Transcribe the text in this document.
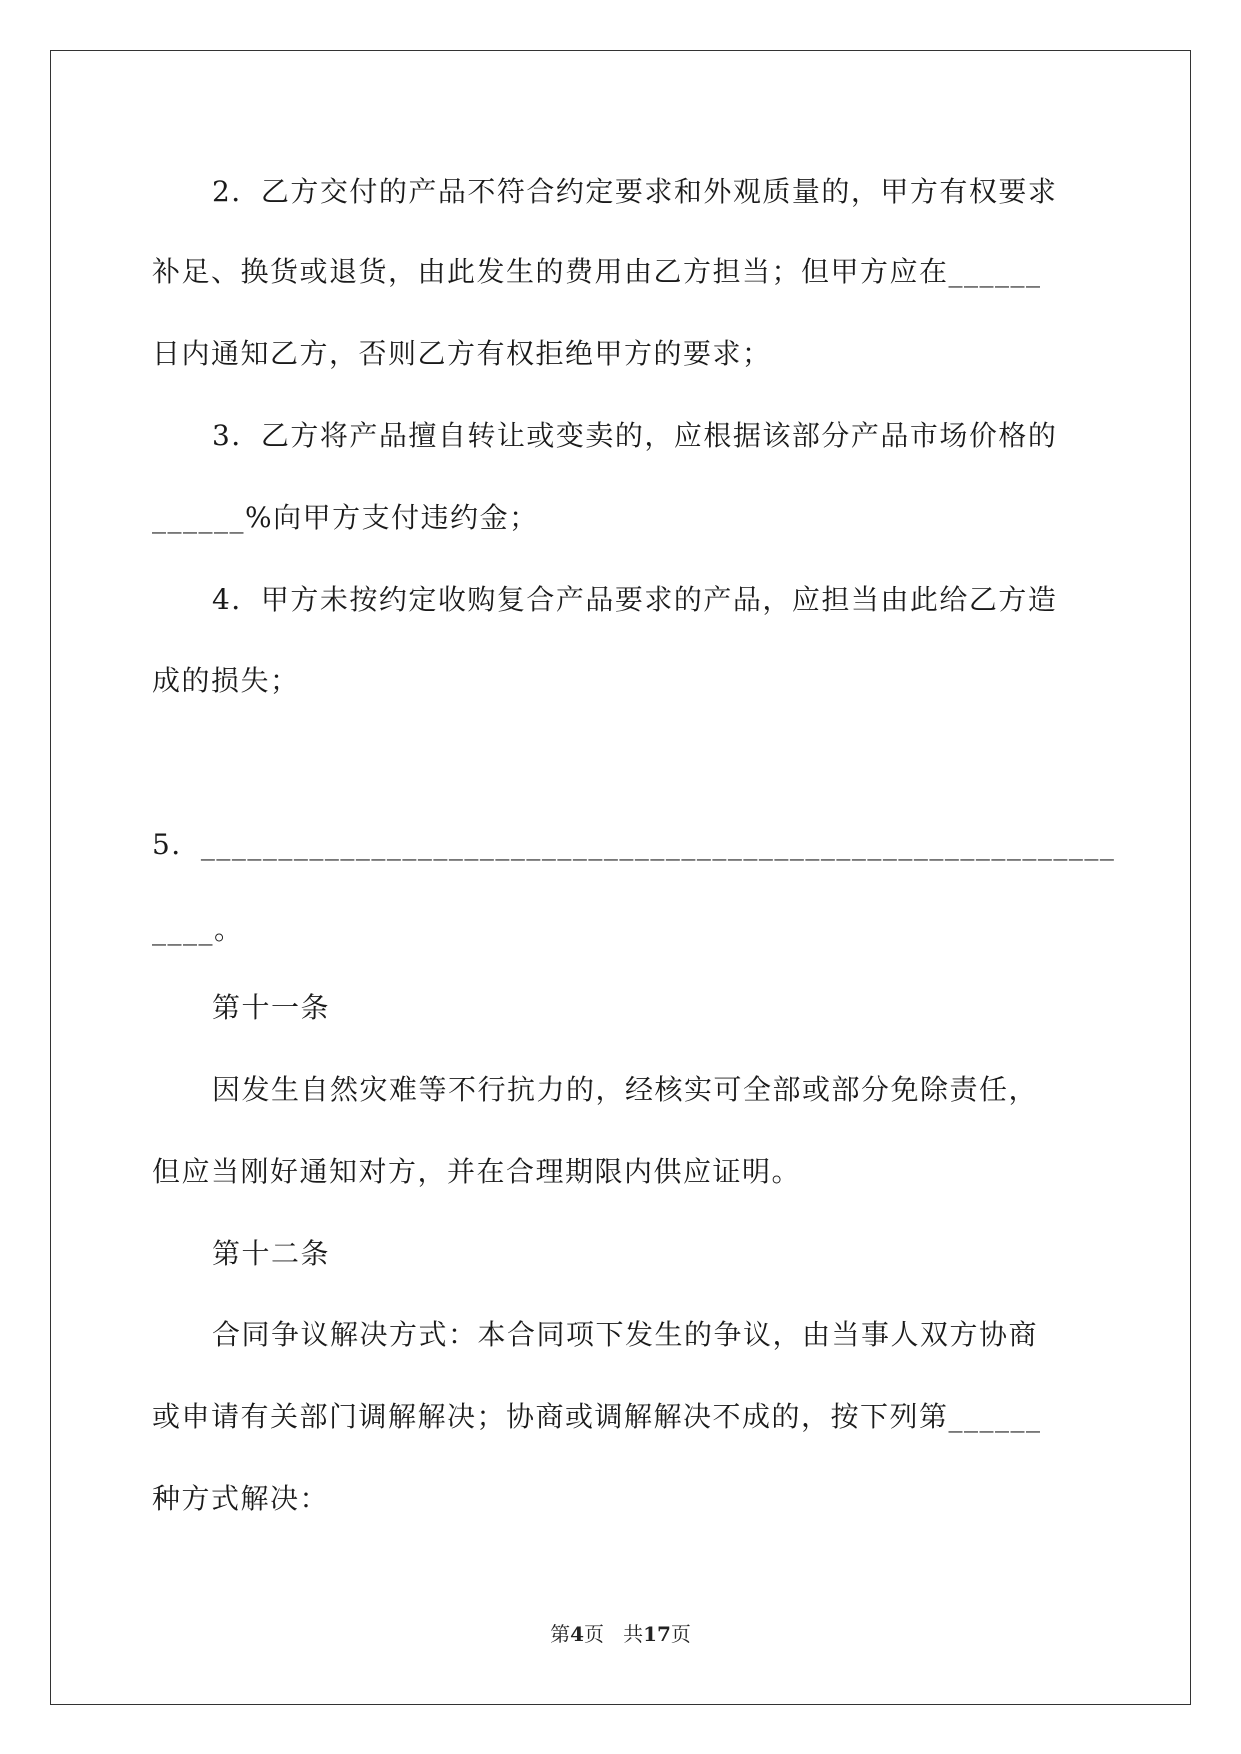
2．乙方交付的产品不符合约定要求和外观质量的，甲方有权要求
补足、换货或退货，由此发生的费用由乙方担当；但甲方应在______
日内通知乙方，否则乙方有权拒绝甲方的要求；
3．乙方将产品擅自转让或变卖的，应根据该部分产品市场价格的
______%向甲方支付违约金；
4．甲方未按约定收购复合产品要求的产品，应担当由此给乙方造
成的损失；
5．___________________________________________________________
____。
第十一条
因发生自然灾难等不行抗力的，经核实可全部或部分免除责任，
但应当刚好通知对方，并在合理期限内供应证明。
第十二条
合同争议解决方式：本合同项下发生的争议，由当事人双方协商
或申请有关部门调解解决；协商或调解解决不成的，按下列第______
种方式解决：
第4页 共17页
